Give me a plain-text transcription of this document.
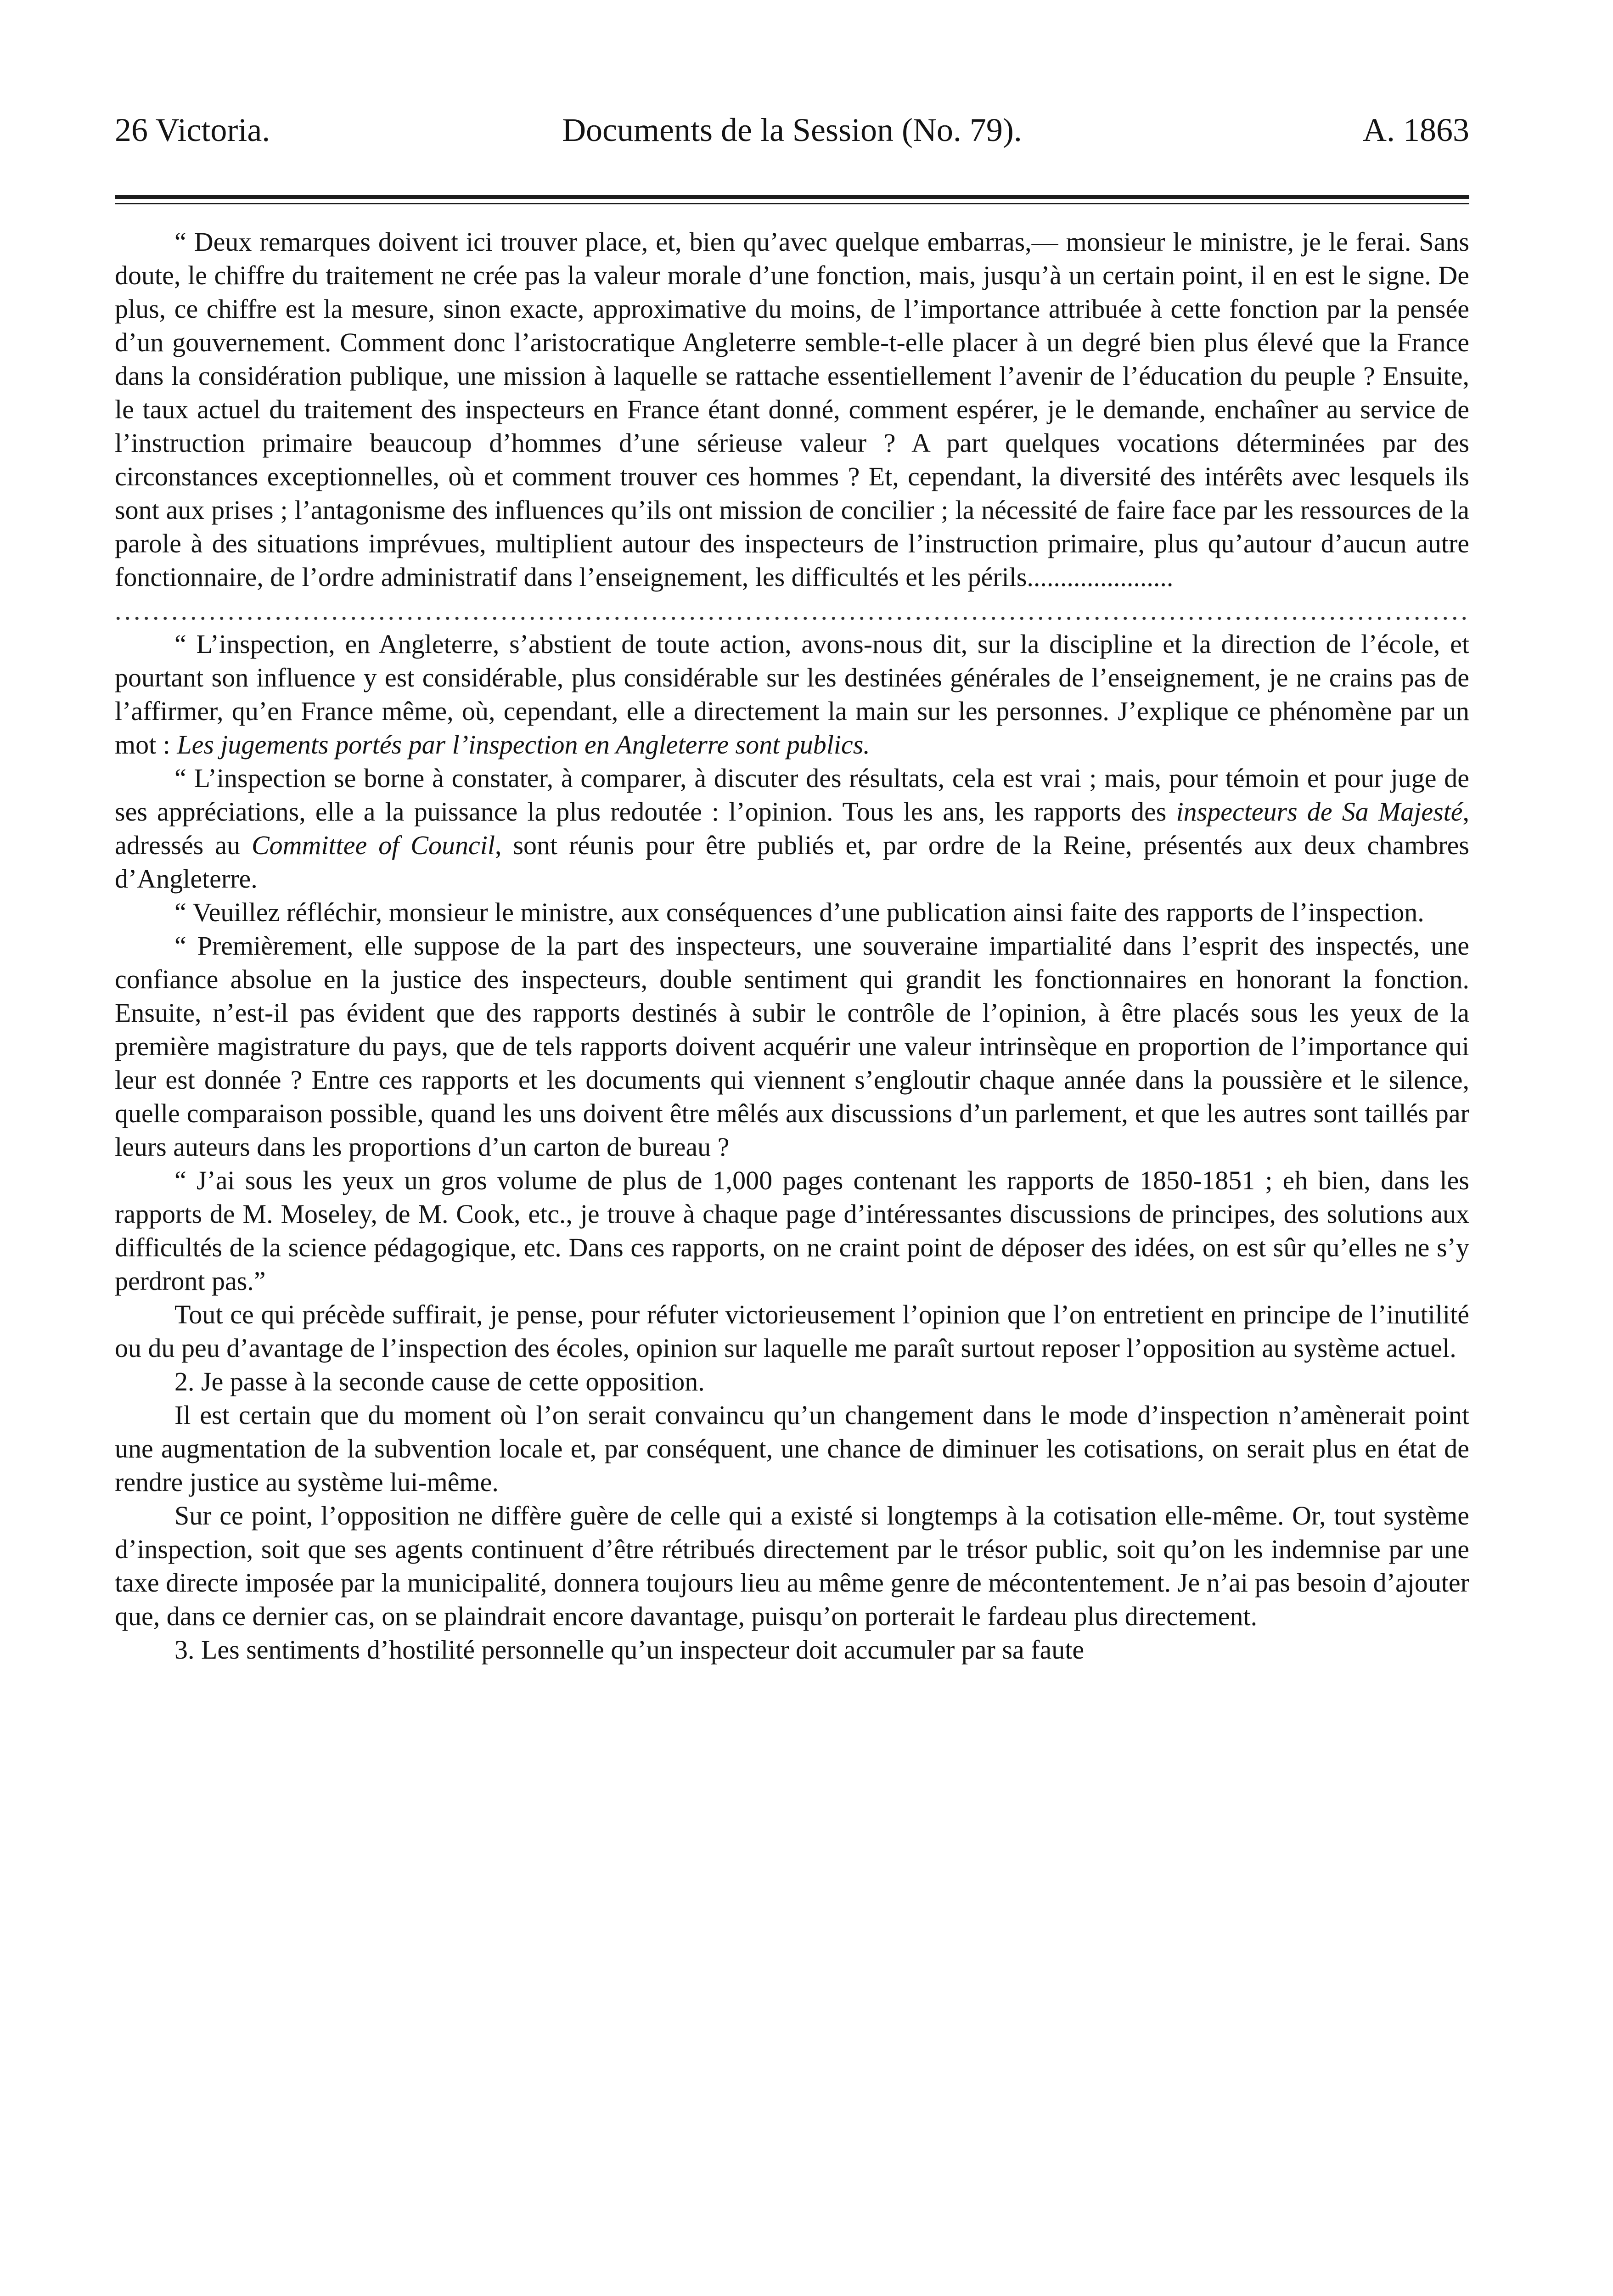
26 Victoria.	Documents de la Session (No. 79).	A. 1863

“ Deux remarques doivent ici trouver place, et, bien qu’avec quelque embarras,— monsieur le ministre, je le ferai. Sans doute, le chiffre du traitement ne crée pas la valeur morale d’une fonction, mais, jusqu’à un certain point, il en est le signe. De plus, ce chiffre est la mesure, sinon exacte, approximative du moins, de l’importance attribuée à cette fonction par la pensée d’un gouvernement. Comment donc l’aristocratique Angleterre semble-t-elle placer à un degré bien plus élevé que la France dans la considération publique, une mission à laquelle se rattache essentiellement l’avenir de l’éducation du peuple ? Ensuite, le taux actuel du traitement des inspecteurs en France étant donné, comment espérer, je le demande, enchaîner au service de l’instruction primaire beaucoup d’hommes d’une sérieuse valeur ? A part quelques vocations déterminées par des circonstances exceptionnelles, où et comment trouver ces hommes ? Et, cependant, la diversité des intérêts avec lesquels ils sont aux prises ; l’antagonisme des influences qu’ils ont mission de concilier ; la nécessité de faire face par les ressources de la parole à des situations imprévues, multiplient autour des inspecteurs de l’instruction primaire, plus qu’autour d’aucun autre fonctionnaire, de l’ordre administratif dans l’enseignement, les difficultés et les périls......................

.....

“ L’inspection, en Angleterre, s’abstient de toute action, avons-nous dit, sur la discipline et la direction de l’école, et pourtant son influence y est considérable, plus considérable sur les destinées générales de l’enseignement, je ne crains pas de l’affirmer, qu’en France même, où, cependant, elle a directement la main sur les personnes. J’explique ce phénomène par un mot : Les jugements portés par l’inspection en Angleterre sont publics.

“ L’inspection se borne à constater, à comparer, à discuter des résultats, cela est vrai ; mais, pour témoin et pour juge de ses appréciations, elle a la puissance la plus redoutée : l’opinion. Tous les ans, les rapports des inspecteurs de Sa Majesté, adressés au Committee of Council, sont réunis pour être publiés et, par ordre de la Reine, présentés aux deux chambres d’Angleterre.

“ Veuillez réfléchir, monsieur le ministre, aux conséquences d’une publication ainsi faite des rapports de l’inspection.

“ Premièrement, elle suppose de la part des inspecteurs, une souveraine impartialité dans l’esprit des inspectés, une confiance absolue en la justice des inspecteurs, double sentiment qui grandit les fonctionnaires en honorant la fonction. Ensuite, n’est-il pas évident que des rapports destinés à subir le contrôle de l’opinion, à être placés sous les yeux de la première magistrature du pays, que de tels rapports doivent acquérir une valeur intrinsèque en proportion de l’importance qui leur est donnée ? Entre ces rapports et les documents qui viennent s’engloutir chaque année dans la poussière et le silence, quelle comparaison possible, quand les uns doivent être mêlés aux discussions d’un parlement, et que les autres sont taillés par leurs auteurs dans les proportions d’un carton de bureau ?

“ J’ai sous les yeux un gros volume de plus de 1,000 pages contenant les rapports de 1850-1851 ; eh bien, dans les rapports de M. Moseley, de M. Cook, etc., je trouve à chaque page d’intéressantes discussions de principes, des solutions aux difficultés de la science pédagogique, etc. Dans ces rapports, on ne craint point de déposer des idées, on est sûr qu’elles ne s’y perdront pas.”

Tout ce qui précède suffirait, je pense, pour réfuter victorieusement l’opinion que l’on entretient en principe de l’inutilité ou du peu d’avantage de l’inspection des écoles, opinion sur laquelle me paraît surtout reposer l’opposition au système actuel.

2. Je passe à la seconde cause de cette opposition.

Il est certain que du moment où l’on serait convaincu qu’un changement dans le mode d’inspection n’amènerait point une augmentation de la subvention locale et, par conséquent, une chance de diminuer les cotisations, on serait plus en état de rendre justice au système lui-même.

Sur ce point, l’opposition ne diffère guère de celle qui a existé si longtemps à la cotisation elle-même. Or, tout système d’inspection, soit que ses agents continuent d’être rétribués directement par le trésor public, soit qu’on les indemnise par une taxe directe imposée par la municipalité, donnera toujours lieu au même genre de mécontentement. Je n’ai pas besoin d’ajouter que, dans ce dernier cas, on se plaindrait encore davantage, puisqu’on porterait le fardeau plus directement.

3. Les sentiments d’hostilité personnelle qu’un inspecteur doit accumuler par sa faute
